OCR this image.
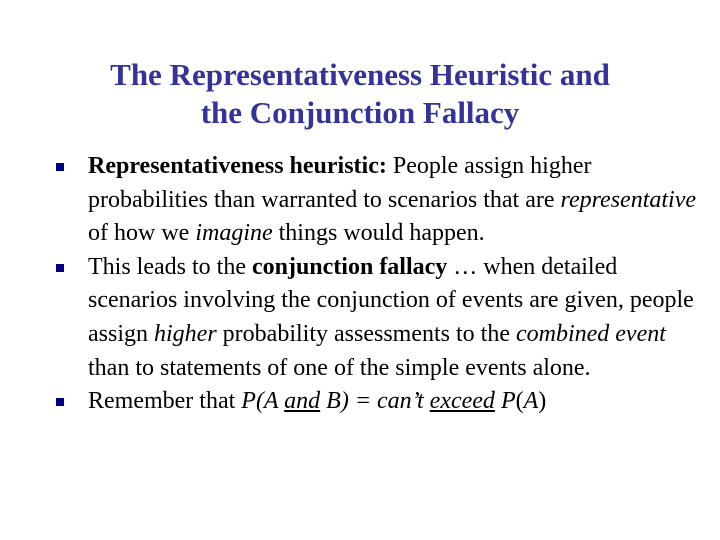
The Representativeness Heuristic and
the Conjunction Fallacy
Representativeness heuristic: People assign higher probabilities than warranted to scenarios that are representative of how we imagine things would happen.
This leads to the conjunction fallacy … when detailed scenarios involving the conjunction of events are given, people assign higher probability assessments to the combined event than to statements of one of the simple events alone.
Remember that P(A and B) = can’t exceed P(A)
